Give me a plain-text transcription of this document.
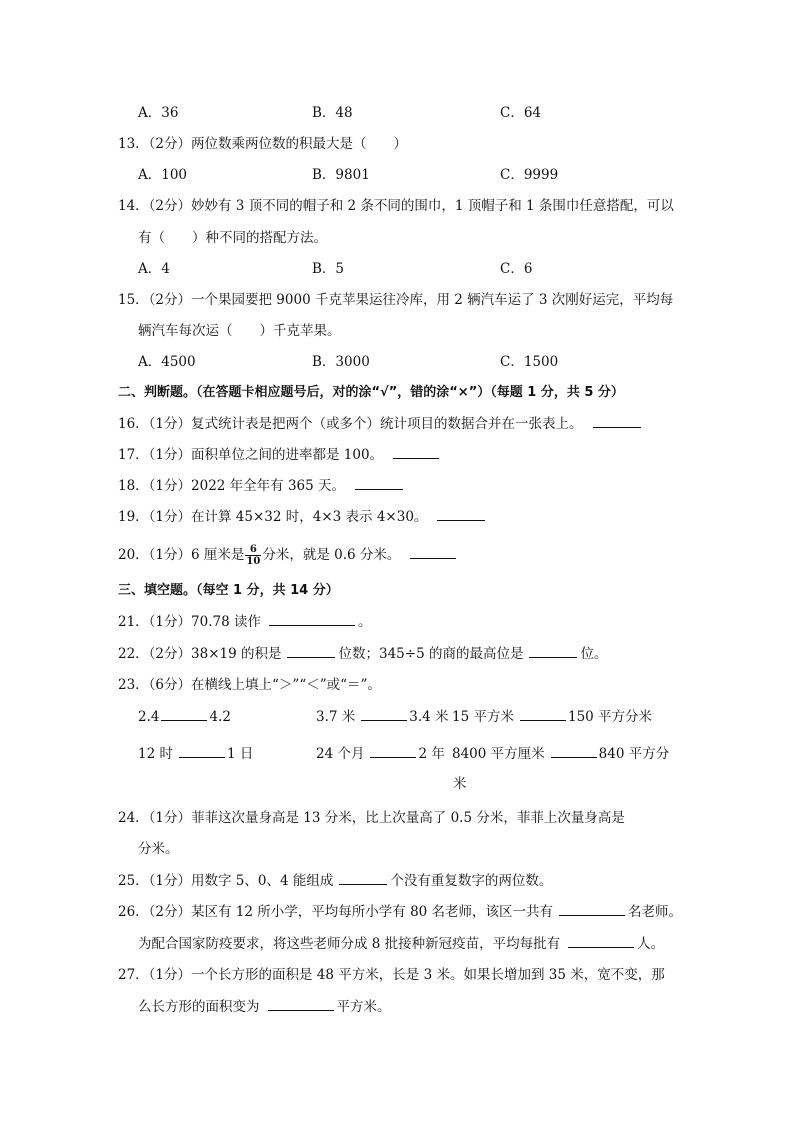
A．36	B．48	C．64
13．（2分）两位数乘两位数的积最大是（　　）
A．100	B．9801	C．9999
14．（2分）妙妙有 3 顶不同的帽子和 2 条不同的围巾，1 顶帽子和 1 条围巾任意搭配，可以
有（　　）种不同的搭配方法。
A．4	B．5	C．6
15．（2分）一个果园要把 9000 千克苹果运往冷库，用 2 辆汽车运了 3 次刚好运完，平均每
辆汽车每次运（　　）千克苹果。
A．4500	B．3000	C．1500
二、判断题。（在答题卡相应题号后，对的涂“√”，错的涂“×”）（每题 1 分，共 5 分）
16．（1分）复式统计表是把两个（或多个）统计项目的数据合并在一张表上。
17．（1分）面积单位之间的进率都是 100。
18．（1分）2022 年全年有 365 天。
19．（1分）在计算 45×32 时，4×3 表示 4×30。
20．（1分）6 厘米是 $\frac{6}{10}$ 分米，就是 0.6 分米。
三、填空题。（每空 1 分，共 14 分）
21．（1分）70.78 读作	。
22．（2分）38×19 的积是	位数；345÷5 的商的最高位是	位。
23．（6分）在横线上填上“＞”“＜”或“＝”。
2.4	4.2	3.7 米	3.4 米 15 平方米	150 平方分米
12 时	1 日	24 个月	2 年 8400 平方厘米	840 平方分
米
24．（1分）菲菲这次量身高是 13 分米，比上次量高了 0.5 分米，菲菲上次量身高是
分米。
25．（1分）用数字 5、0、4 能组成	个没有重复数字的两位数。
26．（2分）某区有 12 所小学，平均每所小学有 80 名老师，该区一共有	名老师。
为配合国家防疫要求，将这些老师分成 8 批接种新冠疫苗，平均每批有	人。
27．（1分）一个长方形的面积是 48 平方米，长是 3 米。如果长增加到 35 米，宽不变，那
么长方形的面积变为	平方米。
